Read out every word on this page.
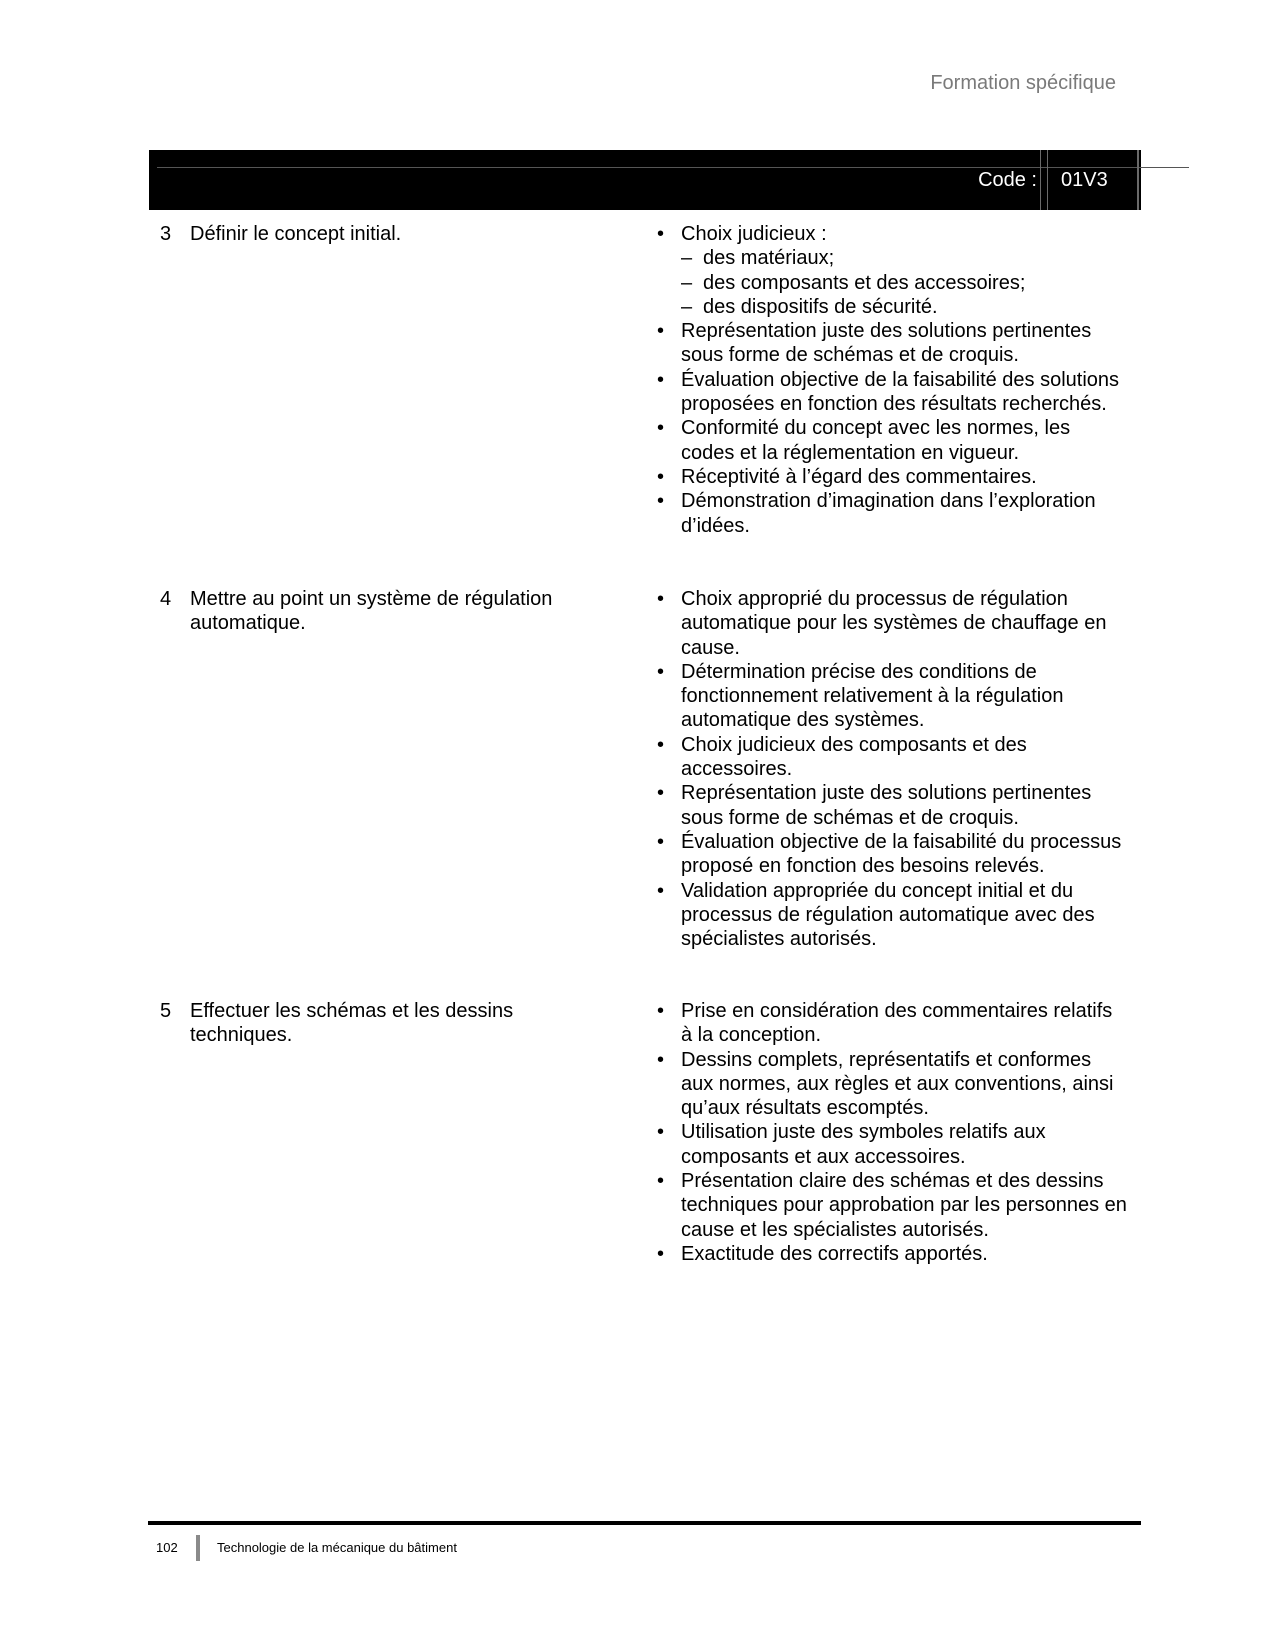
Formation spécifique
Code : 01V3
3 Définir le concept initial.	• Choix judicieux :
– des matériaux;
– des composants et des accessoires;
– des dispositifs de sécurité.
• Représentation juste des solutions pertinentes sous forme de schémas et de croquis.
• Évaluation objective de la faisabilité des solutions proposées en fonction des résultats recherchés.
• Conformité du concept avec les normes, les codes et la réglementation en vigueur.
• Réceptivité à l’égard des commentaires.
• Démonstration d’imagination dans l’exploration d’idées.
4 Mettre au point un système de régulation automatique.
• Choix approprié du processus de régulation automatique pour les systèmes de chauffage en cause.
• Détermination précise des conditions de fonctionnement relativement à la régulation automatique des systèmes.
• Choix judicieux des composants et des accessoires.
• Représentation juste des solutions pertinentes sous forme de schémas et de croquis.
• Évaluation objective de la faisabilité du processus proposé en fonction des besoins relevés.
• Validation appropriée du concept initial et du processus de régulation automatique avec des spécialistes autorisés.
5 Effectuer les schémas et les dessins techniques.
• Prise en considération des commentaires relatifs à la conception.
• Dessins complets, représentatifs et conformes aux normes, aux règles et aux conventions, ainsi qu’aux résultats escomptés.
• Utilisation juste des symboles relatifs aux composants et aux accessoires.
• Présentation claire des schémas et des dessins techniques pour approbation par les personnes en cause et les spécialistes autorisés.
• Exactitude des correctifs apportés.
102	Technologie de la mécanique du bâtiment
